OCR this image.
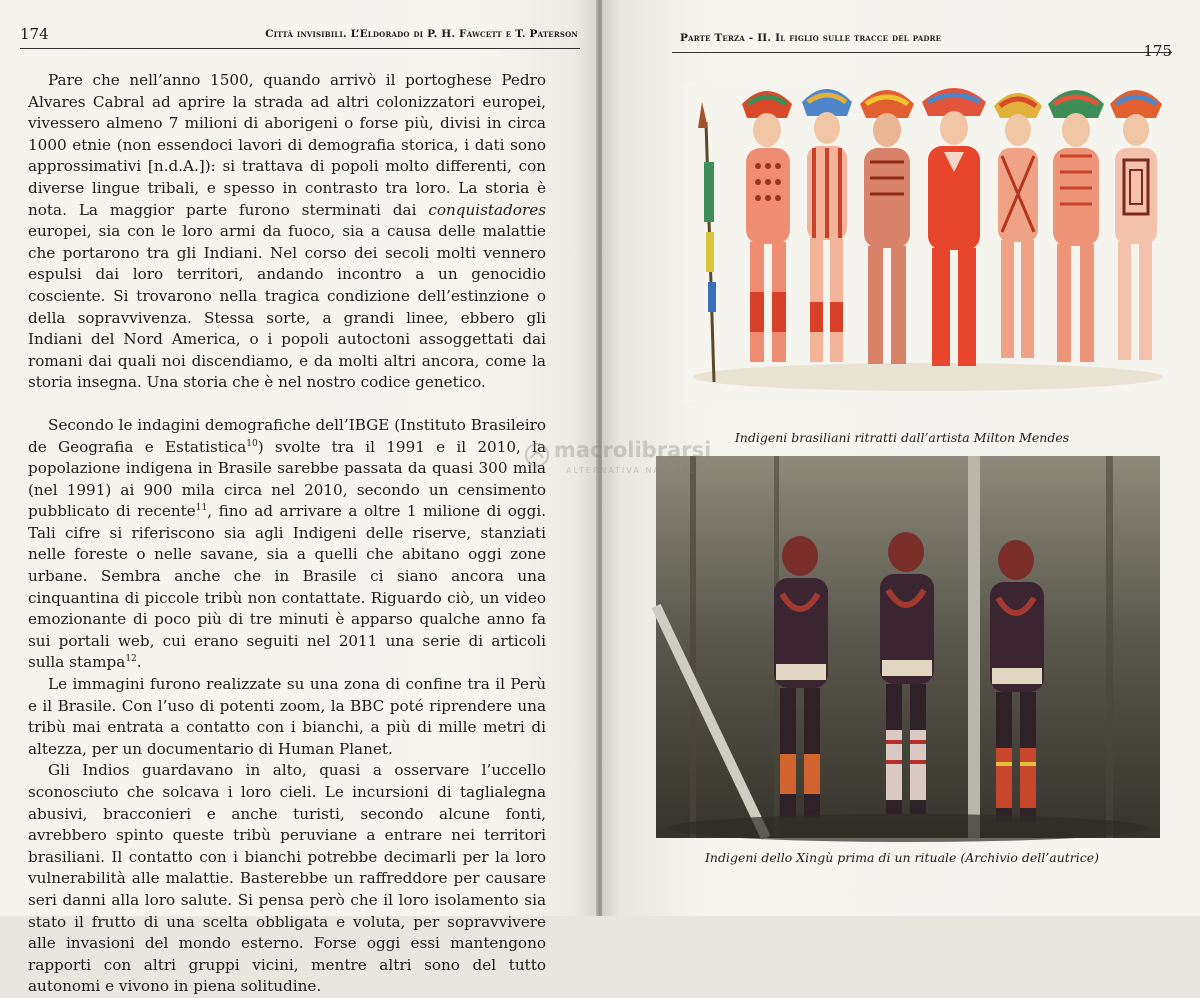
174	Città invisibili. L’Eldorado di P. H. Fawcett e T. Paterson

Pare che nell’anno 1500, quando arrivò il portoghese Pedro Alvares Cabral ad aprire la strada ad altri colonizzatori europei, vivessero almeno 7 milioni di aborigeni o forse più, divisi in circa 1000 etnie (non essendoci lavori di demografia storica, i dati sono approssimativi [n.d.A.]): si trattava di popoli molto differenti, con diverse lingue tribali, e spesso in contrasto tra loro. La storia è nota. La maggior parte furono sterminati dai conquistadores europei, sia con le loro armi da fuoco, sia a causa delle malattie che portarono tra gli Indiani. Nel corso dei secoli molti vennero espulsi dai loro territori, andando incontro a un genocidio cosciente. Si trovarono nella tragica condizione dell’estinzione o della sopravvivenza. Stessa sorte, a grandi linee, ebbero gli Indiani del Nord America, o i popoli autoctoni assoggettati dai romani dai quali noi discendiamo, e da molti altri ancora, come la storia insegna. Una storia che è nel nostro codice genetico.

Secondo le indagini demografiche dell’IBGE (Instituto Brasileiro de Geografia e Estatistica$^{10}$) svolte tra il 1991 e il 2010, la popolazione indigena in Brasile sarebbe passata da quasi 300 mila (nel 1991) ai 900 mila circa nel 2010, secondo un censimento pubblicato di recente$^{11}$, fino ad arrivare a oltre 1 milione di oggi. Tali cifre si riferiscono sia agli Indigeni delle riserve, stanziati nelle foreste o nelle savane, sia a quelli che abitano oggi zone urbane. Sembra anche che in Brasile ci siano ancora una cinquantina di piccole tribù non contattate. Riguardo ciò, un video emozionante di poco più di tre minuti è apparso qualche anno fa sui portali web, cui erano seguiti nel 2011 una serie di articoli sulla stampa$^{12}$.

Le immagini furono realizzate su una zona di confine tra il Perù e il Brasile. Con l’uso di potenti zoom, la BBC poté riprendere una tribù mai entrata a contatto con i bianchi, a più di mille metri di altezza, per un documentario di Human Planet.

Gli Indios guardavano in alto, quasi a osservare l’uccello sconosciuto che solcava i loro cieli. Le incursioni di taglialegna abusivi, bracconieri e anche turisti, secondo alcune fonti, avrebbero spinto queste tribù peruviane a entrare nei territori brasiliani. Il contatto con i bianchi potrebbe decimarli per la loro vulnerabilità alle malattie. Basterebbe un raffreddore per causare seri danni alla loro salute. Si pensa però che il loro isolamento sia stato il frutto di una scelta obbligata e voluta, per sopravvivere alle invasioni del mondo esterno. Forse oggi essi mantengono rapporti con altri gruppi vicini, mentre altri sono del tutto autonomi e vivono in piena solitudine.

Parte Terza - II. Il figlio sulle tracce del padre
175
Indigeni brasiliani ritratti dall’artista Milton Mendes
Indigeni dello Xingù prima di un rituale (Archivio dell’autrice)
macrolibrarsi
ALTERNATIVA NATURALE
